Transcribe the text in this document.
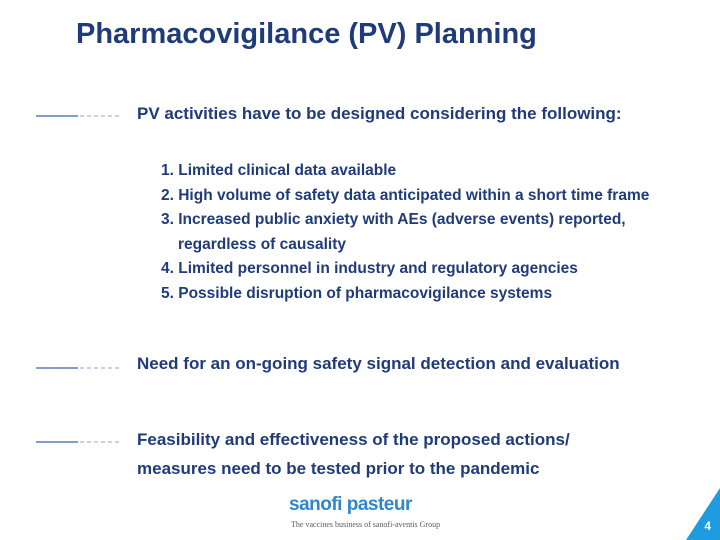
Pharmacovigilance (PV) Planning
PV activities have to be designed considering the following:
1. Limited clinical data available
2. High volume of safety data anticipated within a short time frame
3. Increased public anxiety with AEs (adverse events) reported, regardless of causality
4. Limited personnel in industry and regulatory agencies
5. Possible disruption of pharmacovigilance systems
Need for an on-going safety signal detection and evaluation
Feasibility and effectiveness of the proposed actions/ measures need to be tested prior to the pandemic
sanofi pasteur
The vaccines business of sanofi-aventis Group	4
